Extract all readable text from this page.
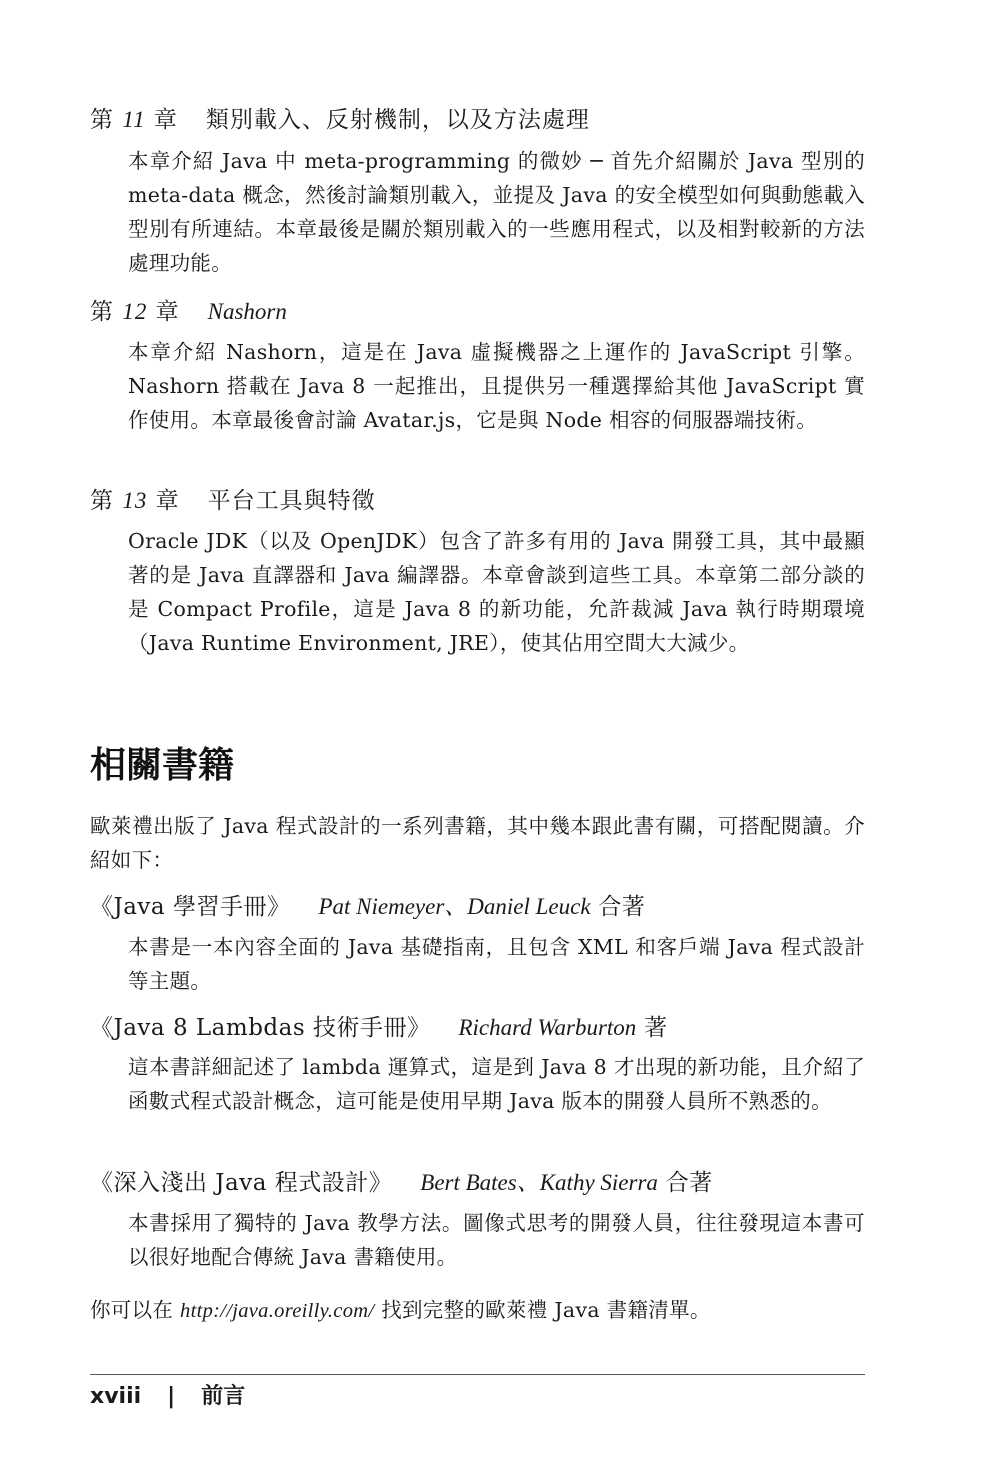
第 11 章 類別載入、反射機制，以及方法處理
本章介紹 Java 中 meta-programming 的微妙 ─ 首先介紹關於 Java 型別的 meta-data 概念，然後討論類別載入，並提及 Java 的安全模型如何與動態載入型別有所連結。本章最後是關於類別載入的一些應用程式，以及相對較新的方法處理功能。
第 12 章 Nashorn
本章介紹 Nashorn，這是在 Java 虛擬機器之上運作的 JavaScript 引擎。Nashorn 搭載在 Java 8 一起推出，且提供另一種選擇給其他 JavaScript 實作使用。本章最後會討論 Avatar.js，它是與 Node 相容的伺服器端技術。
第 13 章 平台工具與特徵
Oracle JDK（以及 OpenJDK）包含了許多有用的 Java 開發工具，其中最顯著的是 Java 直譯器和 Java 編譯器。本章會談到這些工具。本章第二部分談的是 Compact Profile，這是 Java 8 的新功能，允許裁減 Java 執行時期環境（Java Runtime Environment, JRE），使其佔用空間大大減少。
相關書籍
歐萊禮出版了 Java 程式設計的一系列書籍，其中幾本跟此書有關，可搭配閱讀。介紹如下：
《Java 學習手冊》 Pat Niemeyer、Daniel Leuck 合著
本書是一本內容全面的 Java 基礎指南，且包含 XML 和客戶端 Java 程式設計等主題。
《Java 8 Lambdas 技術手冊》 Richard Warburton 著
這本書詳細記述了 lambda 運算式，這是到 Java 8 才出現的新功能，且介紹了函數式程式設計概念，這可能是使用早期 Java 版本的開發人員所不熟悉的。
《深入淺出 Java 程式設計》 Bert Bates、Kathy Sierra 合著
本書採用了獨特的 Java 教學方法。圖像式思考的開發人員，往往發現這本書可以很好地配合傳統 Java 書籍使用。
你可以在 http://java.oreilly.com/ 找到完整的歐萊禮 Java 書籍清單。
xviii | 前言
